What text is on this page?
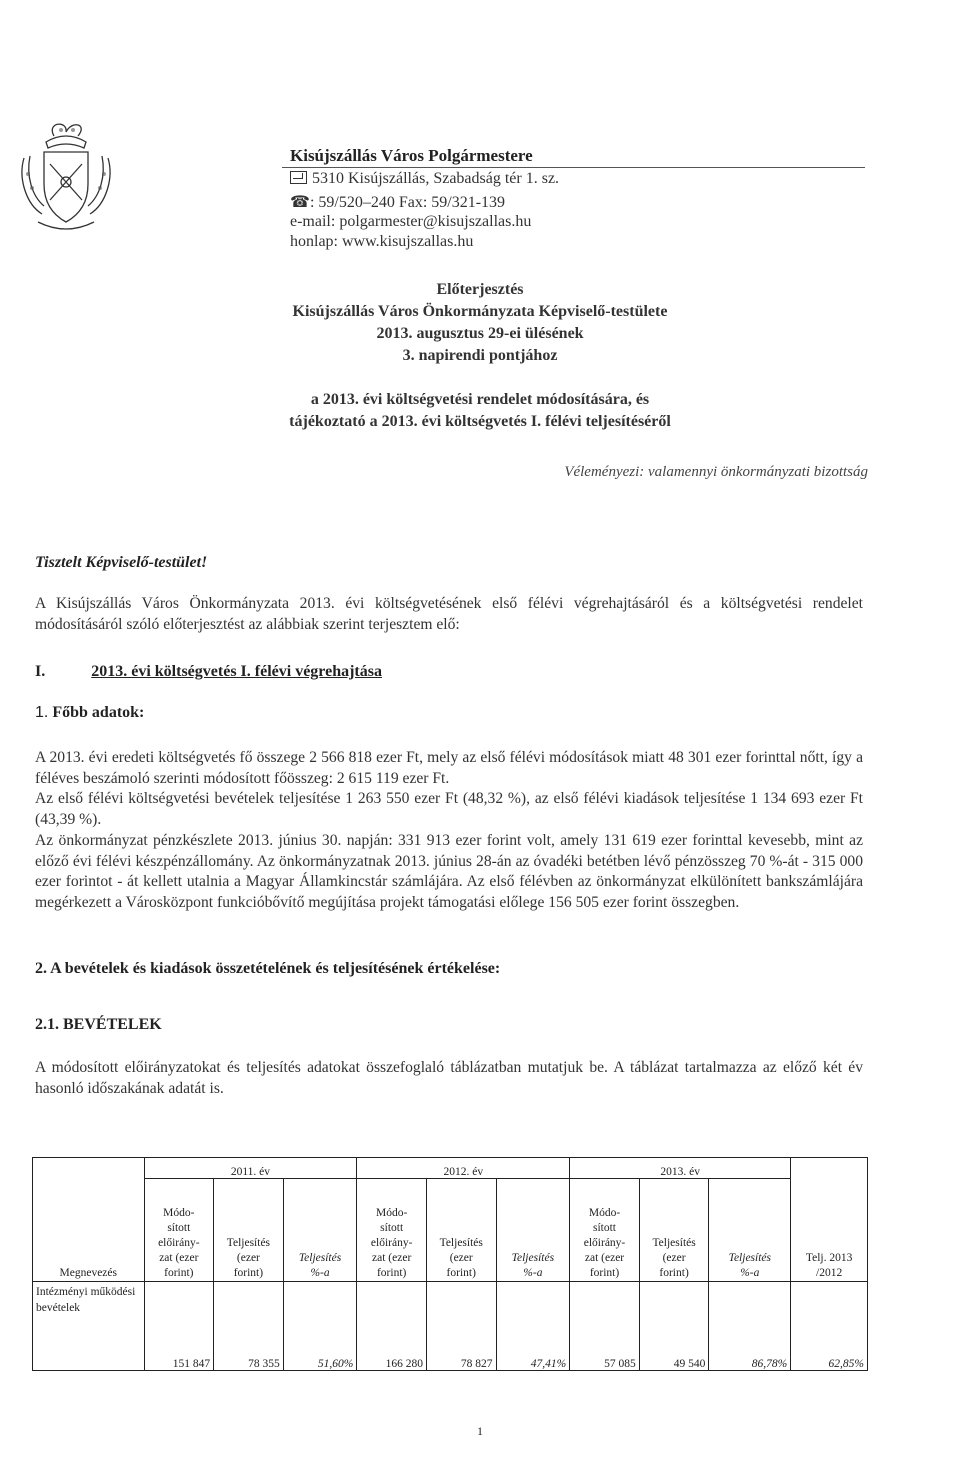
Kisújszállás Város Polgármestere
5310 Kisújszállás, Szabadság tér 1. sz.
☎: 59/520–240 Fax: 59/321-139
e-mail: polgarmester@kisujszallas.hu
honlap: www.kisujszallas.hu
Előterjesztés
Kisújszállás Város Önkormányzata Képviselő-testülete
2013. augusztus 29-ei ülésének
3. napirendi pontjához
a 2013. évi költségvetési rendelet módosítására, és
tájékoztató a 2013. évi költségvetés I. félévi teljesítéséről
Véleményezi: valamennyi önkormányzati bizottság
Tisztelt Képviselő-testület!

A Kisújszállás Város Önkormányzata 2013. évi költségvetésének első félévi végrehajtásáról és a költségvetési rendelet módosításáról szóló előterjesztést az alábbiak szerint terjesztem elő:

I.	2013. évi költségvetés I. félévi végrehajtása
1. Főbb adatok:

A 2013. évi eredeti költségvetés fő összege 2 566 818 ezer Ft, mely az első félévi módosítások miatt 48 301 ezer forinttal nőtt, így a féléves beszámoló szerinti módosított főösszeg: 2 615 119 ezer Ft.

Az első félévi költségvetési bevételek teljesítése 1 263 550 ezer Ft (48,32 %), az első félévi kiadások teljesítése 1 134 693 ezer Ft (43,39 %).

Az önkormányzat pénzkészlete 2013. június 30. napján: 331 913 ezer forint volt, amely 131 619 ezer forinttal kevesebb, mint az előző évi félévi készpénzállomány. Az önkormányzatnak 2013. június 28-án az óvadéki betétben lévő pénzösszeg 70 %-át - 315 000 ezer forintot - át kellett utalnia a Magyar Államkincstár számlájára. Az első félévben az önkormányzat elkülönített bankszámlájára megérkezett a Városközpont funkcióbővítő megújítása projekt támogatási előlege 156 505 ezer forint összegben.

2. A bevételek és kiadások összetételének és teljesítésének értékelése:
2.1. BEVÉTELEK

A módosított előirányzatokat és teljesítés adatokat összefoglaló táblázatban mutatjuk be. A táblázat tartalmazza az előző két év hasonló időszakának adatát is.

	2011. év			2012. év			2013. év			
Megnevezés	Módo-
sított
előirány-
zat (ezer
forint)	Teljesítés
(ezer
forint)	Teljesítés
%-a	Módo-
sított
előirány-
zat (ezer
forint)	Teljesítés
(ezer
forint)	Teljesítés
%-a	Módo-
sított
előirány-
zat (ezer
forint)	Teljesítés
(ezer
forint)	Teljesítés
%-a	Telj. 2013
/2012
Intézményi működési bevételek	151 847	78 355	51,60%	166 280	78 827	47,41%	57 085	49 540	86,78%	62,85%
1
